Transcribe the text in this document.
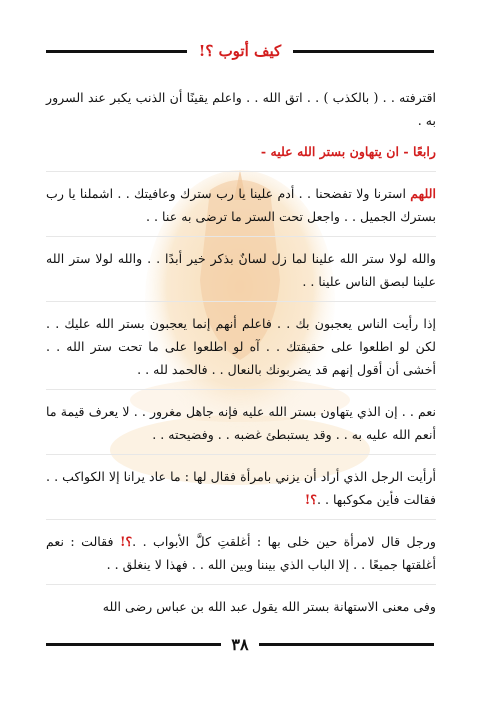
كيف أتوب ؟!

اقترفته . . ( بالكذب ) . . اتق الله . . واعلم يقينًا أن الذنب يكبر عند السرور به .

رابعًا - ان يتهاون بستر الله عليه -

اللهم استرنا ولا تفضحنا . . أدم علينا يا رب سترك وعافيتك . . اشملنا يا رب بسترك الجميل . . واجعل تحت الستر ما ترضى به عنا . .

والله لولا ستر الله علينا لما زل لسانٌ بذكر خير أبدًا . . والله لولا ستر الله علينا لبصق الناس علينا . .

إذا رأيت الناس يعجبون بك . . فاعلم أنهم إنما يعجبون بستر الله عليك . . لكن لو اطلعوا على حقيقتك . . آه لو اطلعوا على ما تحت ستر الله . . أخشى أن أقول إنهم قد يضربونك بالنعال . . فالحمد لله . .

نعم . . إن الذي يتهاون بستر الله عليه فإنه جاهل مغرور . . لا يعرف قيمة ما أنعم الله عليه به . . وقد يستبطئ غضبه . . وفضيحته . .

أرأيت الرجل الذي أراد أن يزني بامرأة فقال لها : ما عاد يرانا إلا الكواكب . . فقالت فأين مكوكبها . .؟!

ورجل قال لامرأة حين خلى بها : أغلقتِ كلَّ الأبواب . .؟! فقالت : نعم أغلقتها جميعًا . . إلا الباب الذي بيننا وبين الله . . فهذا لا ينغلق . .

وفى معنى الاستهانة بستر الله يقول عبد الله بن عباس رضى الله

٣٨
